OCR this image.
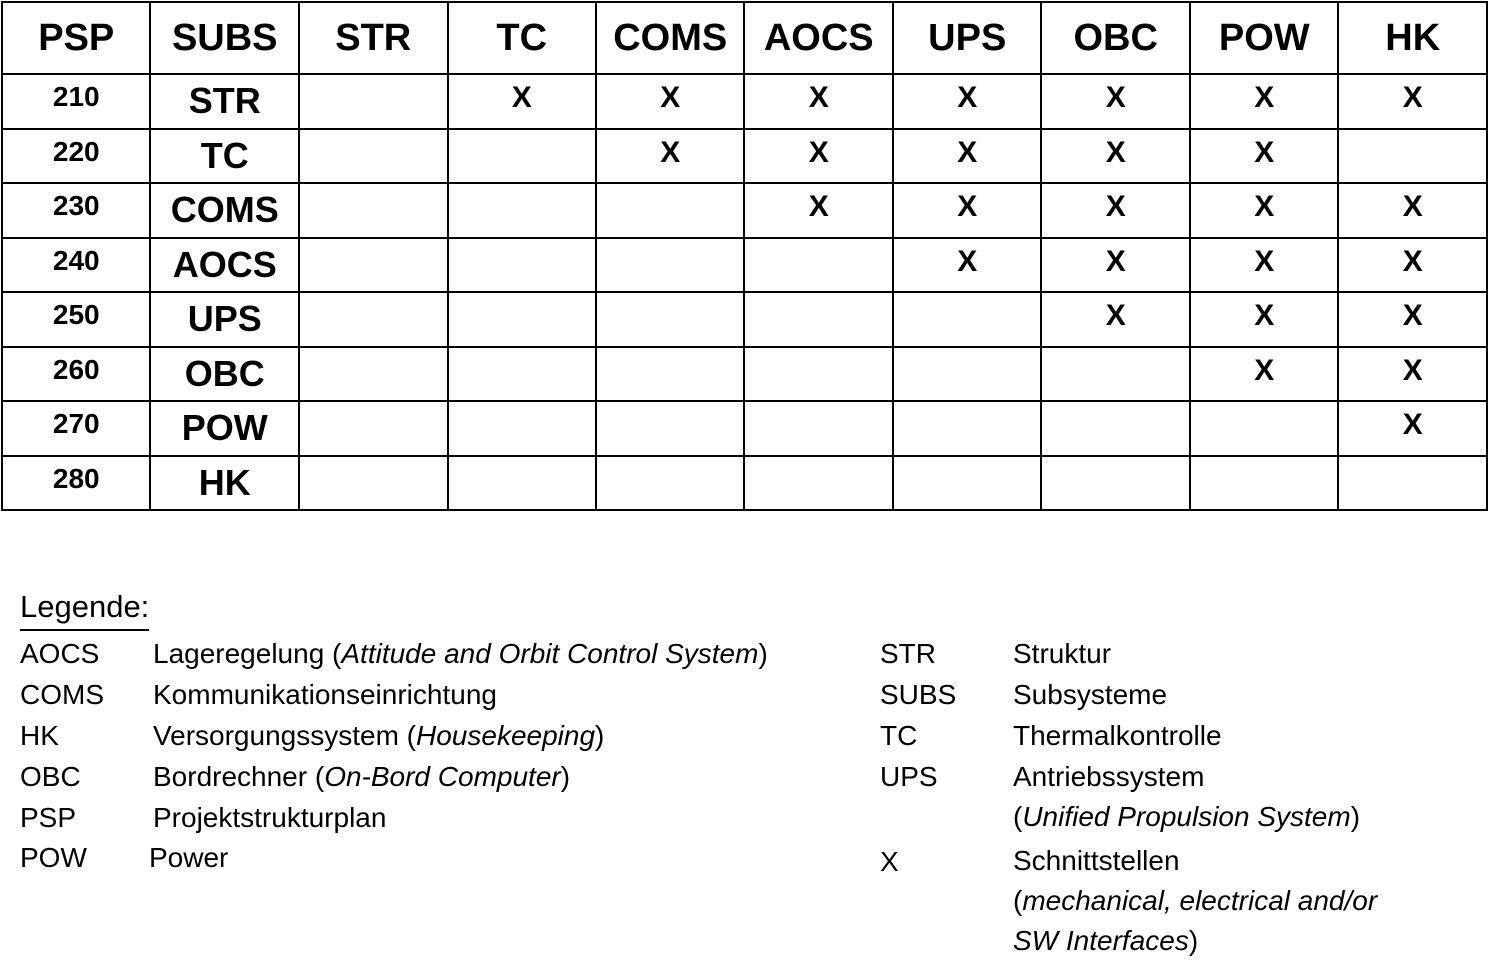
PSP	SUBS	STR	TC	COMS	AOCS	UPS	OBC	POW	HK
210	STR		X	X	X	X	X	X	X
220	TC			X	X	X	X	X	
230	COMS				X	X	X	X	X
240	AOCS					X	X	X	X
250	UPS						X	X	X
260	OBC							X	X
270	POW								X
280	HK								
Legende:
AOCS Lageregelung (Attitude and Orbit Control System)
COMS Kommunikationseinrichtung
HK	Versorgungssystem (Housekeeping)
OBC	Bordrechner (On-Bord Computer)
PSP	Projektstrukturplan
POW Power
STR	Struktur
SUBS Subsysteme
TC	Thermalkontrolle
UPS	Antriebssystem
(Unified Propulsion System)
X	Schnittstellen
(mechanical, electrical and/or
SW Interfaces)
